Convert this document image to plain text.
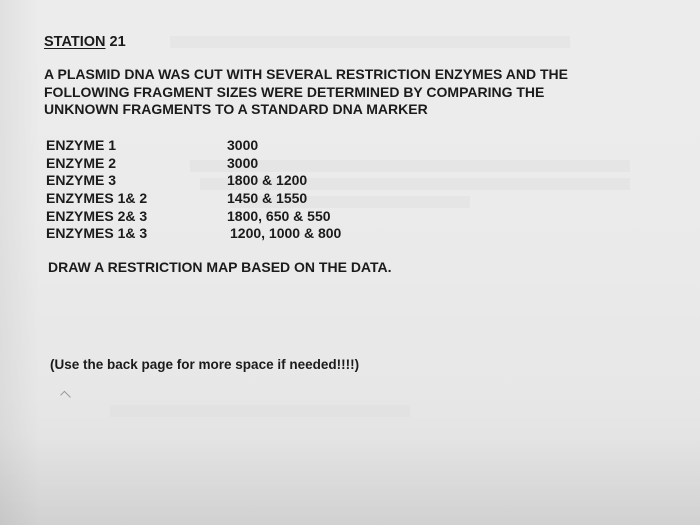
STATION 21
A PLASMID DNA WAS CUT WITH SEVERAL RESTRICTION ENZYMES AND THE
FOLLOWING FRAGMENT SIZES WERE DETERMINED BY COMPARING THE
UNKNOWN FRAGMENTS TO A STANDARD DNA MARKER
ENZYME 1	3000
ENZYME 2	3000
ENZYME 3	1800 & 1200
ENZYMES 1& 2	1450 & 1550
ENZYMES 2& 3	1800, 650 & 550
ENZYMES 1& 3	1200, 1000 & 800
DRAW A RESTRICTION MAP BASED ON THE DATA.
(Use the back page for more space if needed!!!!)
